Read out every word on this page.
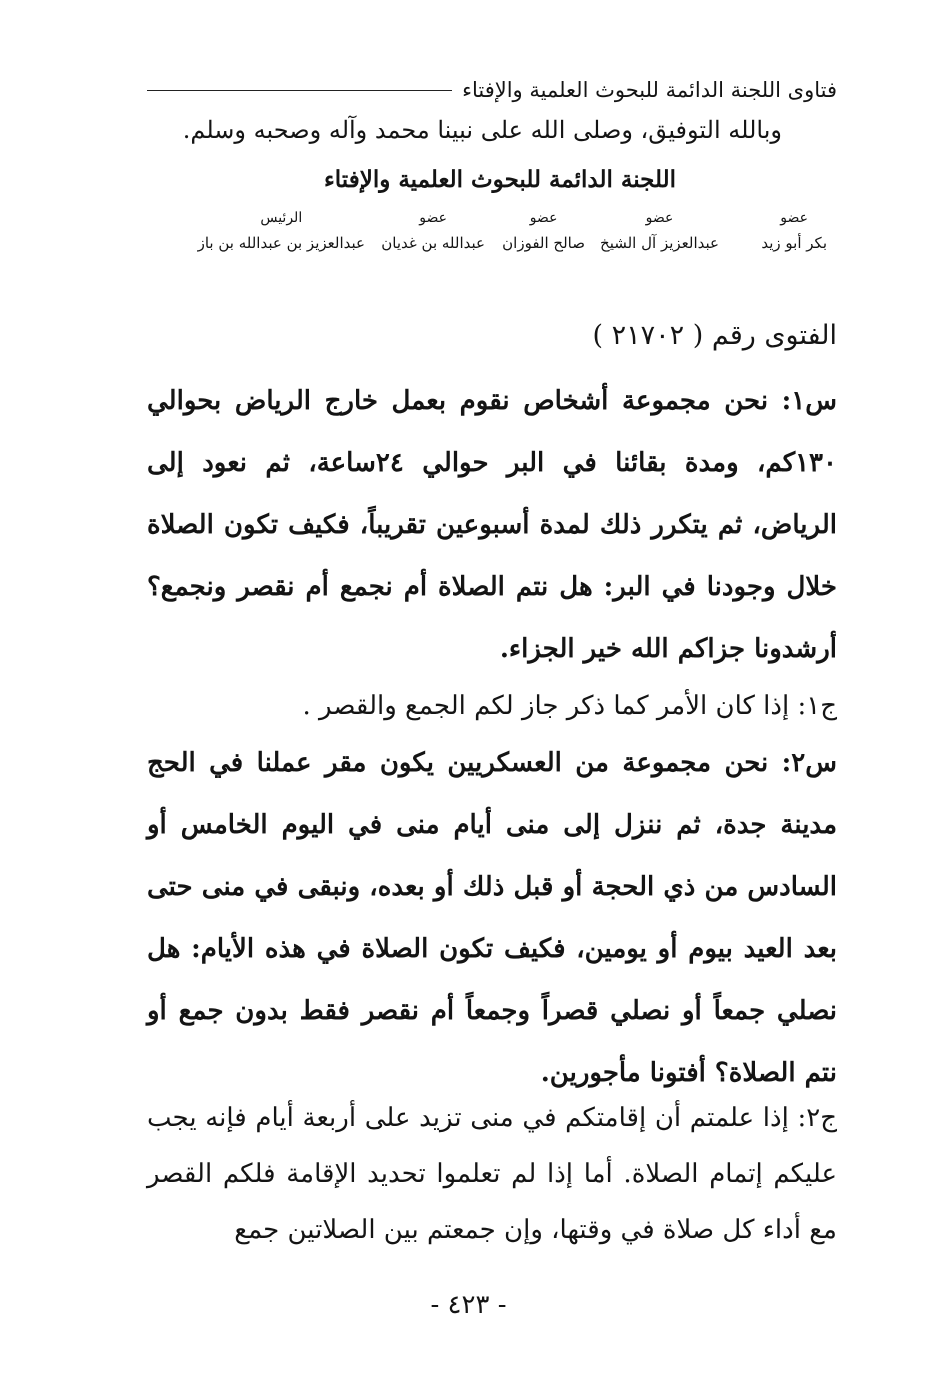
فتاوى اللجنة الدائمة للبحوث العلمية والإفتاء
وبالله التوفيق، وصلى الله على نبينا محمد وآله وصحبه وسلم.
اللجنة الدائمة للبحوث العلمية والإفتاء
عضو
بكر أبو زيد
عضو
عبدالعزيز آل الشيخ
عضو
صالح الفوزان
عضو
عبدالله بن غديان
الرئيس
عبدالعزيز بن عبدالله بن باز
الفتوى رقم ( ٢١٧٠٢ )
س١: نحن مجموعة أشخاص نقوم بعمل خارج الرياض بحوالي ١٣٠كم، ومدة بقائنا في البر حوالي ٢٤ساعة، ثم نعود إلى الرياض، ثم يتكرر ذلك لمدة أسبوعين تقريباً، فكيف تكون الصلاة خلال وجودنا في البر: هل نتم الصلاة أم نجمع أم نقصر ونجمع؟ أرشدونا جزاكم الله خير الجزاء.
ج١: إذا كان الأمر كما ذكر جاز لكم الجمع والقصر .
س٢: نحن مجموعة من العسكريين يكون مقر عملنا في الحج مدينة جدة، ثم ننزل إلى منى أيام منى في اليوم الخامس أو السادس من ذي الحجة أو قبل ذلك أو بعده، ونبقى في منى حتى بعد العيد بيوم أو يومين، فكيف تكون الصلاة في هذه الأيام: هل نصلي جمعاً أو نصلي قصراً وجمعاً أم نقصر فقط بدون جمع أو نتم الصلاة؟ أفتونا مأجورين.
ج٢: إذا علمتم أن إقامتكم في منى تزيد على أربعة أيام فإنه يجب عليكم إتمام الصلاة. أما إذا لم تعلموا تحديد الإقامة فلكم القصر مع أداء كل صلاة في وقتها، وإن جمعتم بين الصلاتين جمع
- ٤٢٣ -
